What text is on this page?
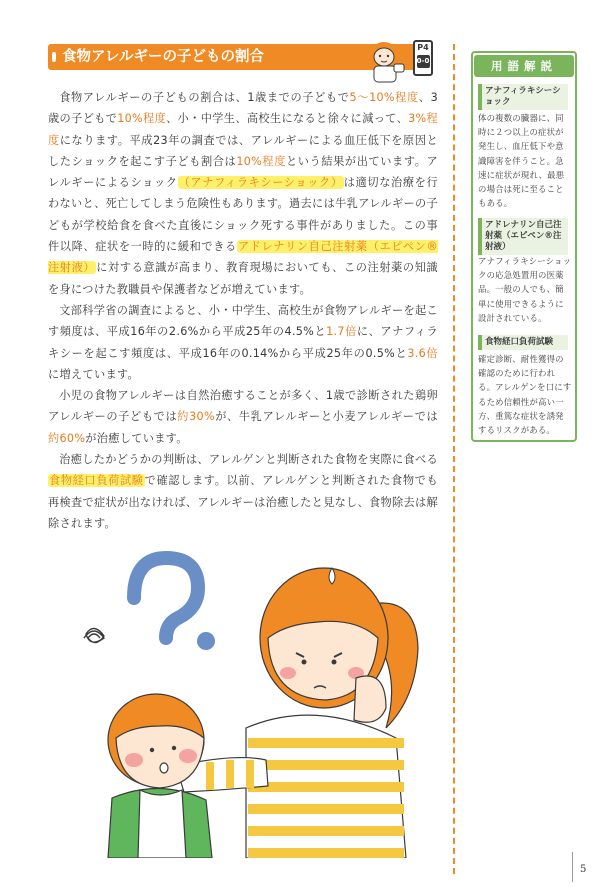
食物アレルギーの子どもの割合
P4
0-0

食物アレルギーの子どもの割合は、1歳までの子どもで5～10%程度、3歳の子どもで10%程度、小・中学生、高校生になると徐々に減って、3%程度になります。平成23年の調査では、アレルギーによる血圧低下を原因としたショックを起こす子ども割合は10%程度という結果が出ています。アレルギーによるショック（アナフィラキシーショック）は適切な治療を行わないと、死亡してしまう危険性もあります。過去には牛乳アレルギーの子どもが学校給食を食べた直後にショック死する事件がありました。この事件以降、症状を一時的に緩和できるアドレナリン自己注射薬（エピペン®注射液）に対する意識が高まり、教育現場においても、この注射薬の知識を身につけた教職員や保護者などが増えています。

文部科学省の調査によると、小・中学生、高校生が食物アレルギーを起こす頻度は、平成16年の2.6%から平成25年の4.5%と1.7倍に、アナフィラキシーを起こす頻度は、平成16年の0.14%から平成25年の0.5%と3.6倍に増えています。

小児の食物アレルギーは自然治癒することが多く、1歳で診断された鶏卵アレルギーの子どもでは約30%が、牛乳アレルギーと小麦アレルギーでは約60%が治癒しています。

治癒したかどうかの判断は、アレルゲンと判断された食物を実際に食べる食物経口負荷試験で確認します。以前、アレルゲンと判断された食物でも再検査で症状が出なければ、アレルギーは治癒したと見なし、食物除去は解除されます。

用語解説
アナフィラキシーショック
体の複数の臓器に、同時に２つ以上の症状が発生し、血圧低下や意識障害を伴うこと。急速に症状が現れ、最悪の場合は死に至ることもある。
アドレナリン自己注射薬（エピペン®注射液）
アナフィラキシーショックの応急処置用の医薬品。一般の人でも、簡単に使用できるように設計されている。
食物経口負荷試験
確定診断、耐性獲得の確認のために行われる。アレルゲンを口にするため信頼性が高い一方、重篤な症状を誘発するリスクがある。
5
